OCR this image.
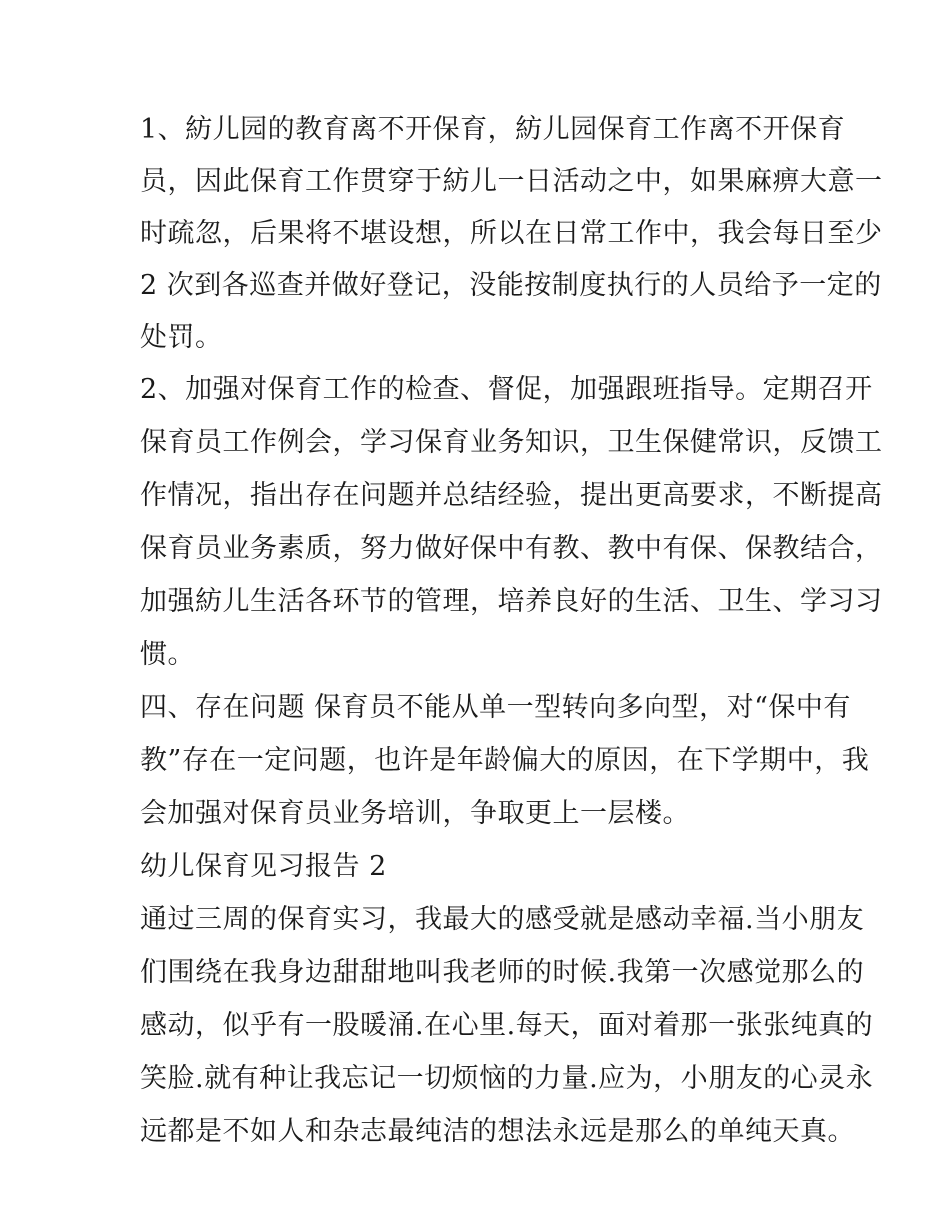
1、紡儿园的教育离不开保育，紡儿园保育工作离不开保育
员，因此保育工作贯穿于紡儿一日活动之中，如果麻痹大意一
时疏忽，后果将不堪设想，所以在日常工作中，我会每日至少
2 次到各巡查并做好登记，没能按制度执行的人员给予一定的
处罚。
2、加强对保育工作的检查、督促，加强跟班指导。定期召开
保育员工作例会，学习保育业务知识，卫生保健常识，反馈工
作情况，指出存在问题并总结经验，提出更高要求，不断提高
保育员业务素质，努力做好保中有教、教中有保、保教结合，
加强紡儿生活各环节的管理，培养良好的生活、卫生、学习习
惯。
四、存在问题 保育员不能从单一型转向多向型，对“保中有
教”存在一定问题，也许是年龄偏大的原因，在下学期中，我
会加强对保育员业务培训，争取更上一层楼。
幼儿保育见习报告 2
通过三周的保育实习，我最大的感受就是感动幸福.当小朋友
们围绕在我身边甜甜地叫我老师的时候.我第一次感觉那么的
感动，似乎有一股暖涌.在心里.每天，面对着那一张张纯真的
笑脸.就有种让我忘记一切烦恼的力量.应为，小朋友的心灵永
远都是不如人和杂志最纯洁的想法永远是那么的单纯天真。
